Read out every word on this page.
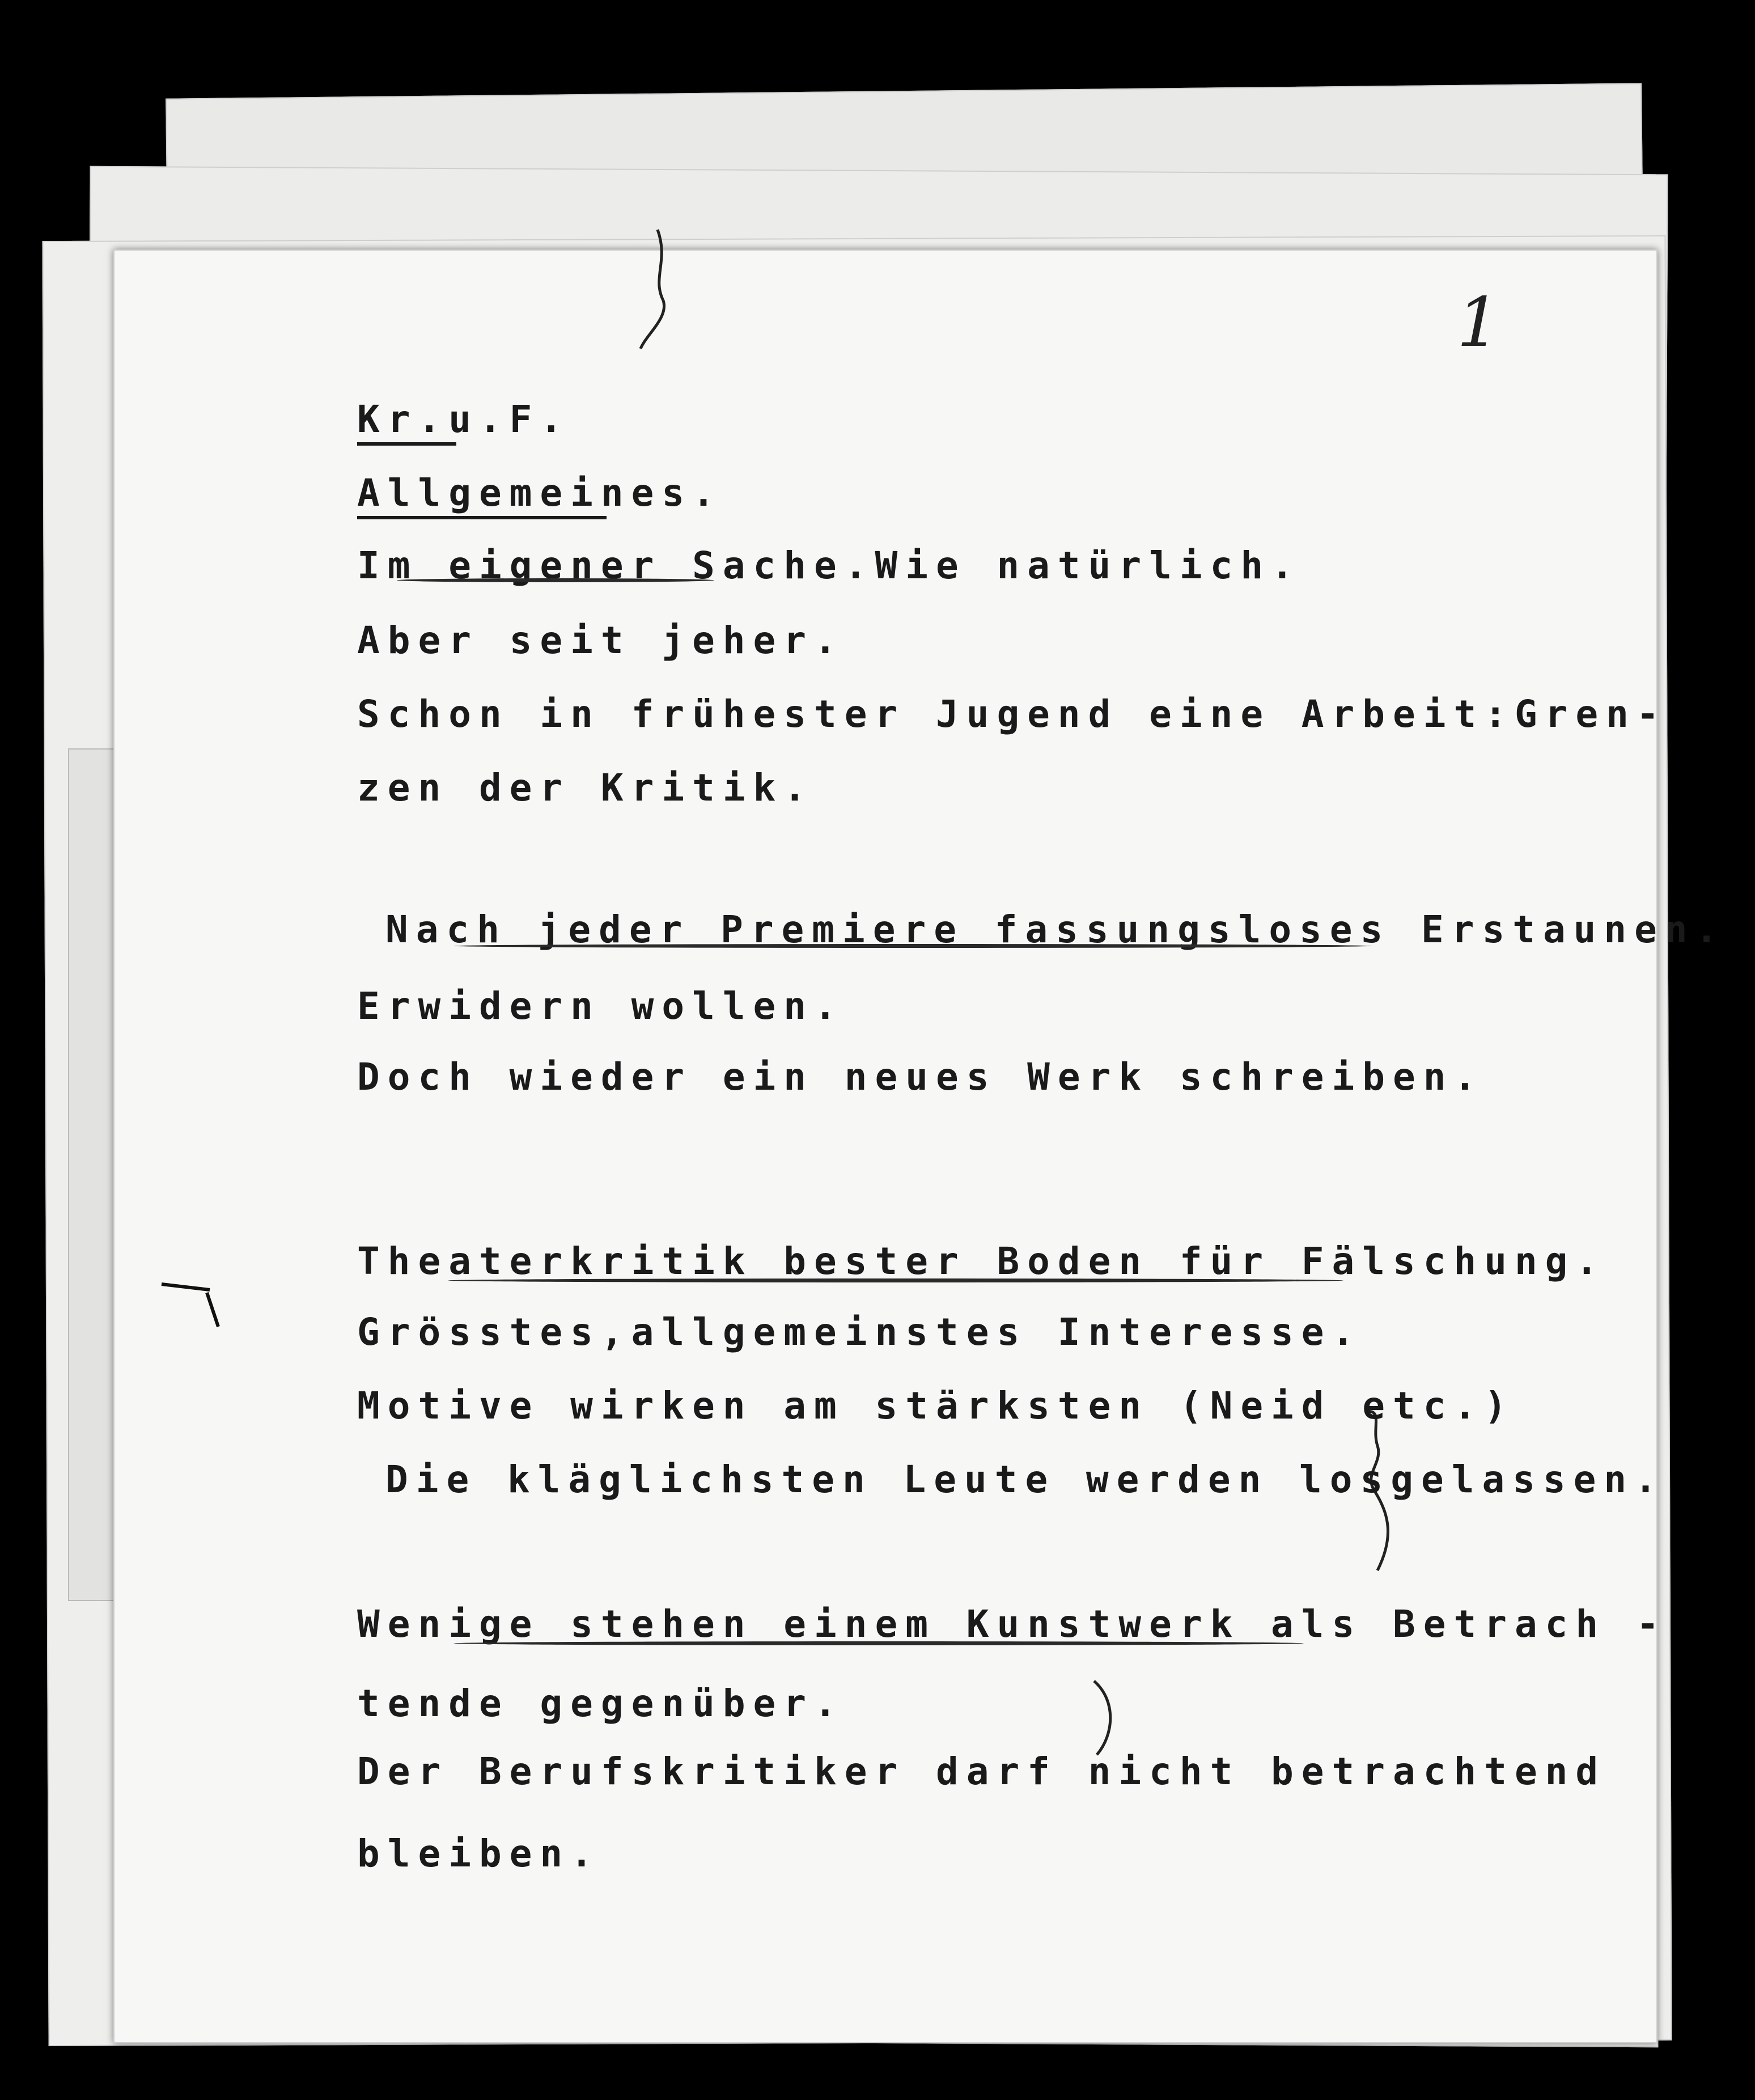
1
Kr.u.F.
Allgemeines.
Im eigener Sache.Wie natürlich.
Aber seit jeher.
Schon in frühester Jugend eine Arbeit:Gren-
zen der Kritik.
Nach jeder Premiere fassungsloses Erstaunen.
Erwidern wollen.
Doch wieder ein neues Werk schreiben.
Theaterkritik bester Boden für Fälschung.
Grösstes,allgemeinstes Interesse.
Motive wirken am stärksten (Neid etc.)
Die kläglichsten Leute werden losgelassen.
Wenige stehen einem Kunstwerk als Betrach -
tende gegenüber.
Der Berufskritiker darf nicht betrachtend
bleiben.
